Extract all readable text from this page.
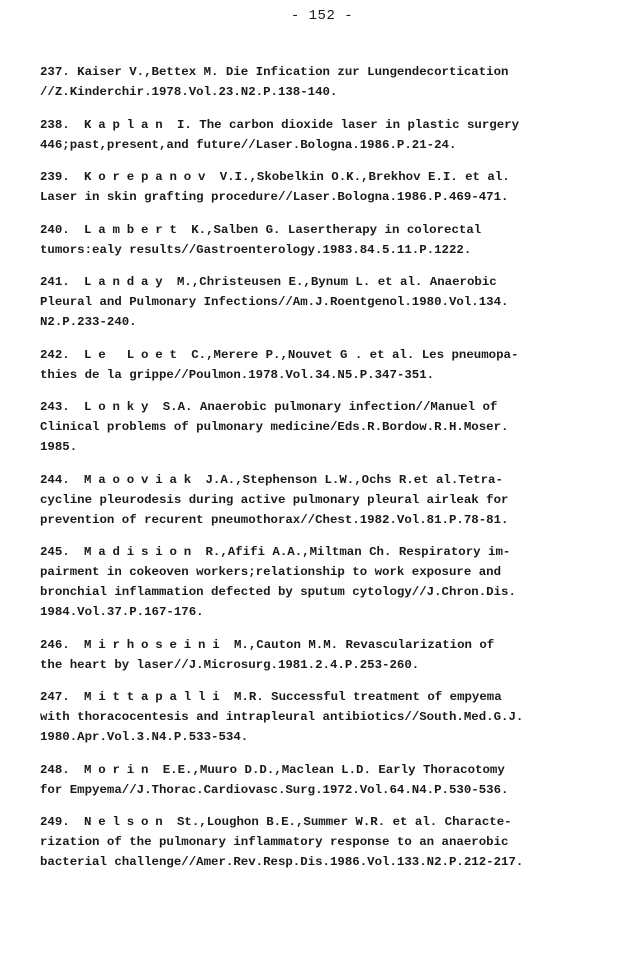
- 152 -
237. Kaiser V.,Bettex M. Die Infication zur Lungendecortication
//Z.Kinderchir.1978.Vol.23.N2.P.138-140.
238. Kaplan I. The carbon dioxide laser in plastic surgery
446;past,present,and future//Laser.Bologna.1986.P.21-24.
239. Korepanov V.I.,Skobelkin O.K.,Brekhov E.I. et al.
Laser in skin grafting procedure//Laser.Bologna.1986.P.469-471.
240. Lambert K.,Salben G. Lasertherapy in colorectal
tumors:ealy results//Gastroenterology.1983.84.5.11.P.1222.
241. Landay M.,Christeusen E.,Bynum L. et al. Anaerobic
Pleural and Pulmonary Infections//Am.J.Roentgenol.1980.Vol.134.
N2.P.233-240.
242. Le Loet C.,Merere P.,Nouvet G . et al. Les pneumopa-
thies de la grippe//Poulmon.1978.Vol.34.N5.P.347-351.
243. Lonky S.A. Anaerobic pulmonary infection//Manuel of
Clinical problems of pulmonary medicine/Eds.R.Bordow.R.H.Moser.
1985.
244. Maooviak J.A.,Stephenson L.W.,Ochs R.et al.Tetra-
cycline pleurodesis during active pulmonary pleural airleak for
prevention of recurent pneumothorax//Chest.1982.Vol.81.P.78-81.
245. Madision R.,Afifi A.A.,Miltman Ch. Respiratory im-
pairment in cokeoven workers;relationship to work exposure and
bronchial inflammation defected by sputum cytology//J.Chron.Dis.
1984.Vol.37.P.167-176.
246. Mirhoseini M.,Cauton M.M. Revascularization of
the heart by laser//J.Microsurg.1981.2.4.P.253-260.
247. Mittapalli M.R. Successful treatment of empyema
with thoracocentesis and intrapleural antibiotics//South.Med.G.J.
1980.Apr.Vol.3.N4.P.533-534.
248. Morin E.E.,Muuro D.D.,Maclean L.D. Early Thoracotomy
for Empyema//J.Thorac.Cardiovasc.Surg.1972.Vol.64.N4.P.530-536.
249. Nelson St.,Loughon B.E.,Summer W.R. et al. Characte-
rization of the pulmonary inflammatory response to an anaerobic
bacterial challenge//Amer.Rev.Resp.Dis.1986.Vol.133.N2.P.212-217.
